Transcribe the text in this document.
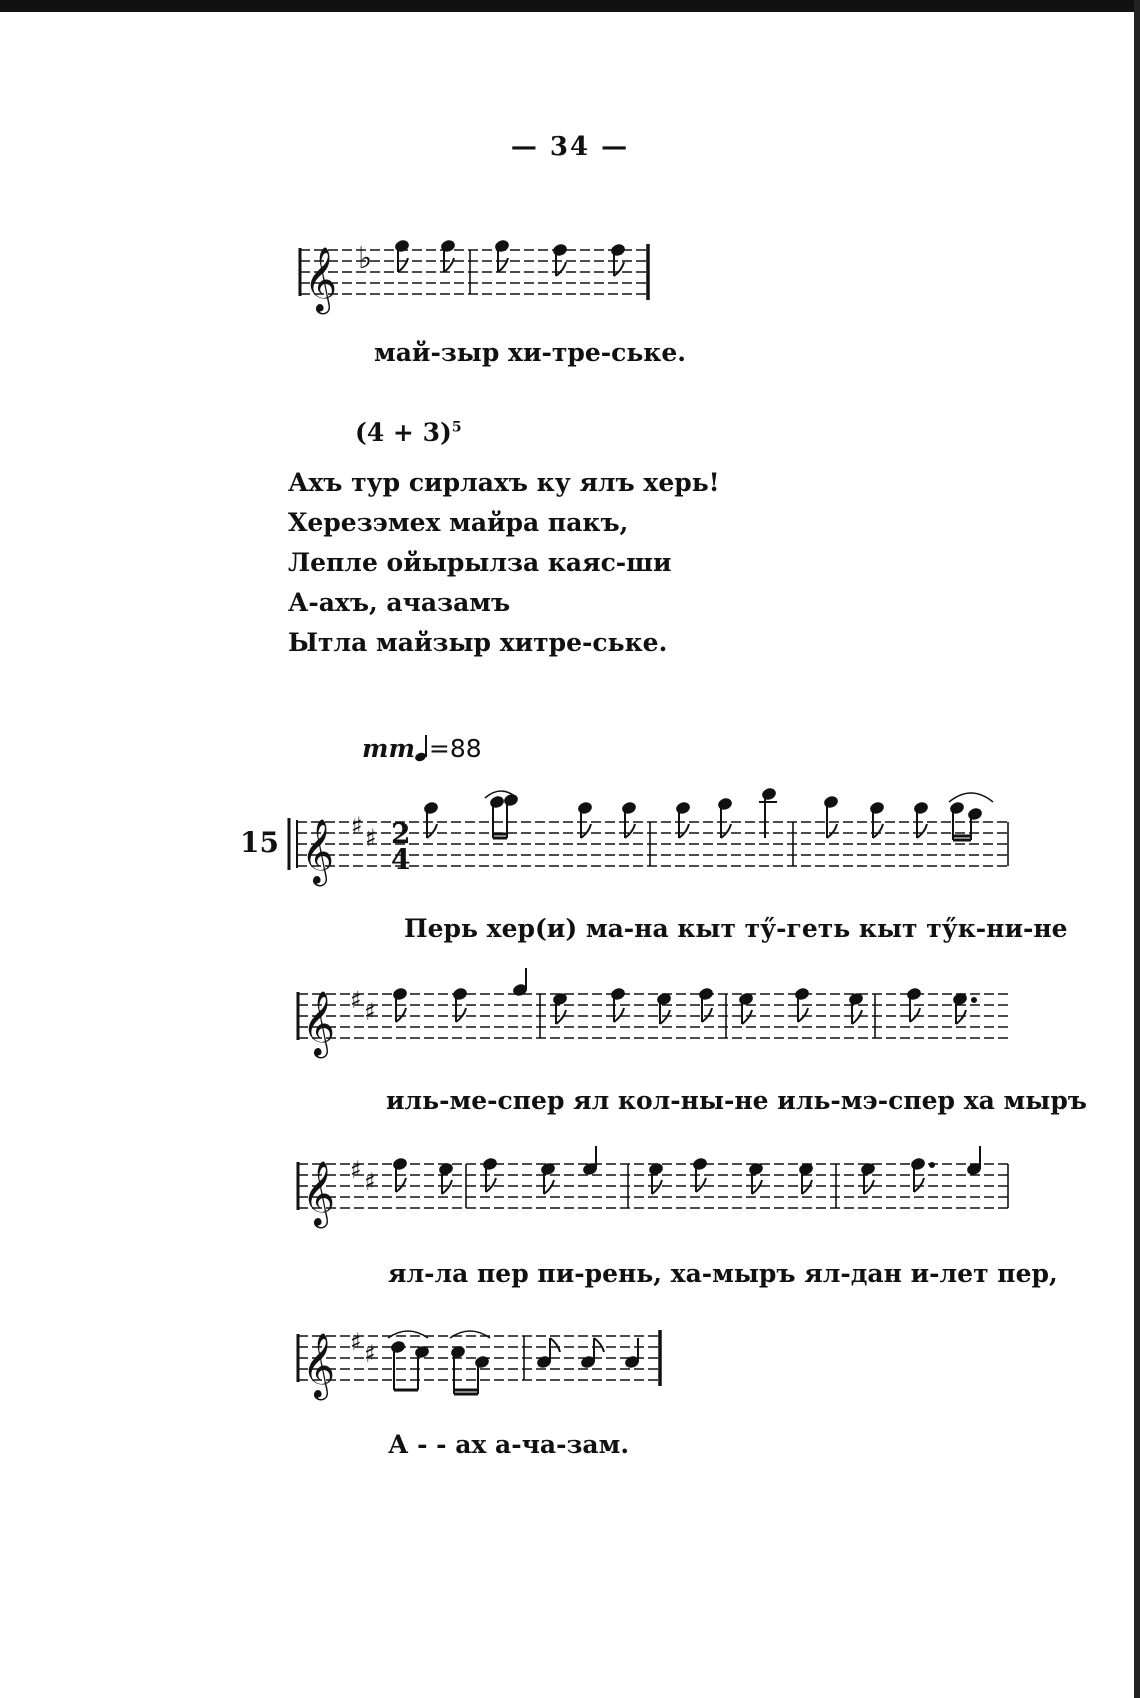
— 34 —
𝄞 ♭
май-зыр хи-тре-ське.
$(4 + 3)^5$
Ахъ тур сирлахъ ку ялъ херь!
Херезэмех майра пакъ,
Лепле ойырылза каяс-ши
А-ахъ, ачазамъ
Ытла майзыр хитре-ське.
mm =88
15 𝄞 ♯ ♯ 2
4
Перь хер(и) ма-на кыт тӳ-геть кыт тӳк-ни-не
𝄞 ♯ ♯
иль-ме-спер ял кол-ны-не иль-мэ-спер ха мыръ
𝄞 ♯ ♯
ял-ла пер пи-рень, ха-мыръ ял-дан и-лет пер,
𝄞 ♯ ♯
А - - ах а-ча-зам.
